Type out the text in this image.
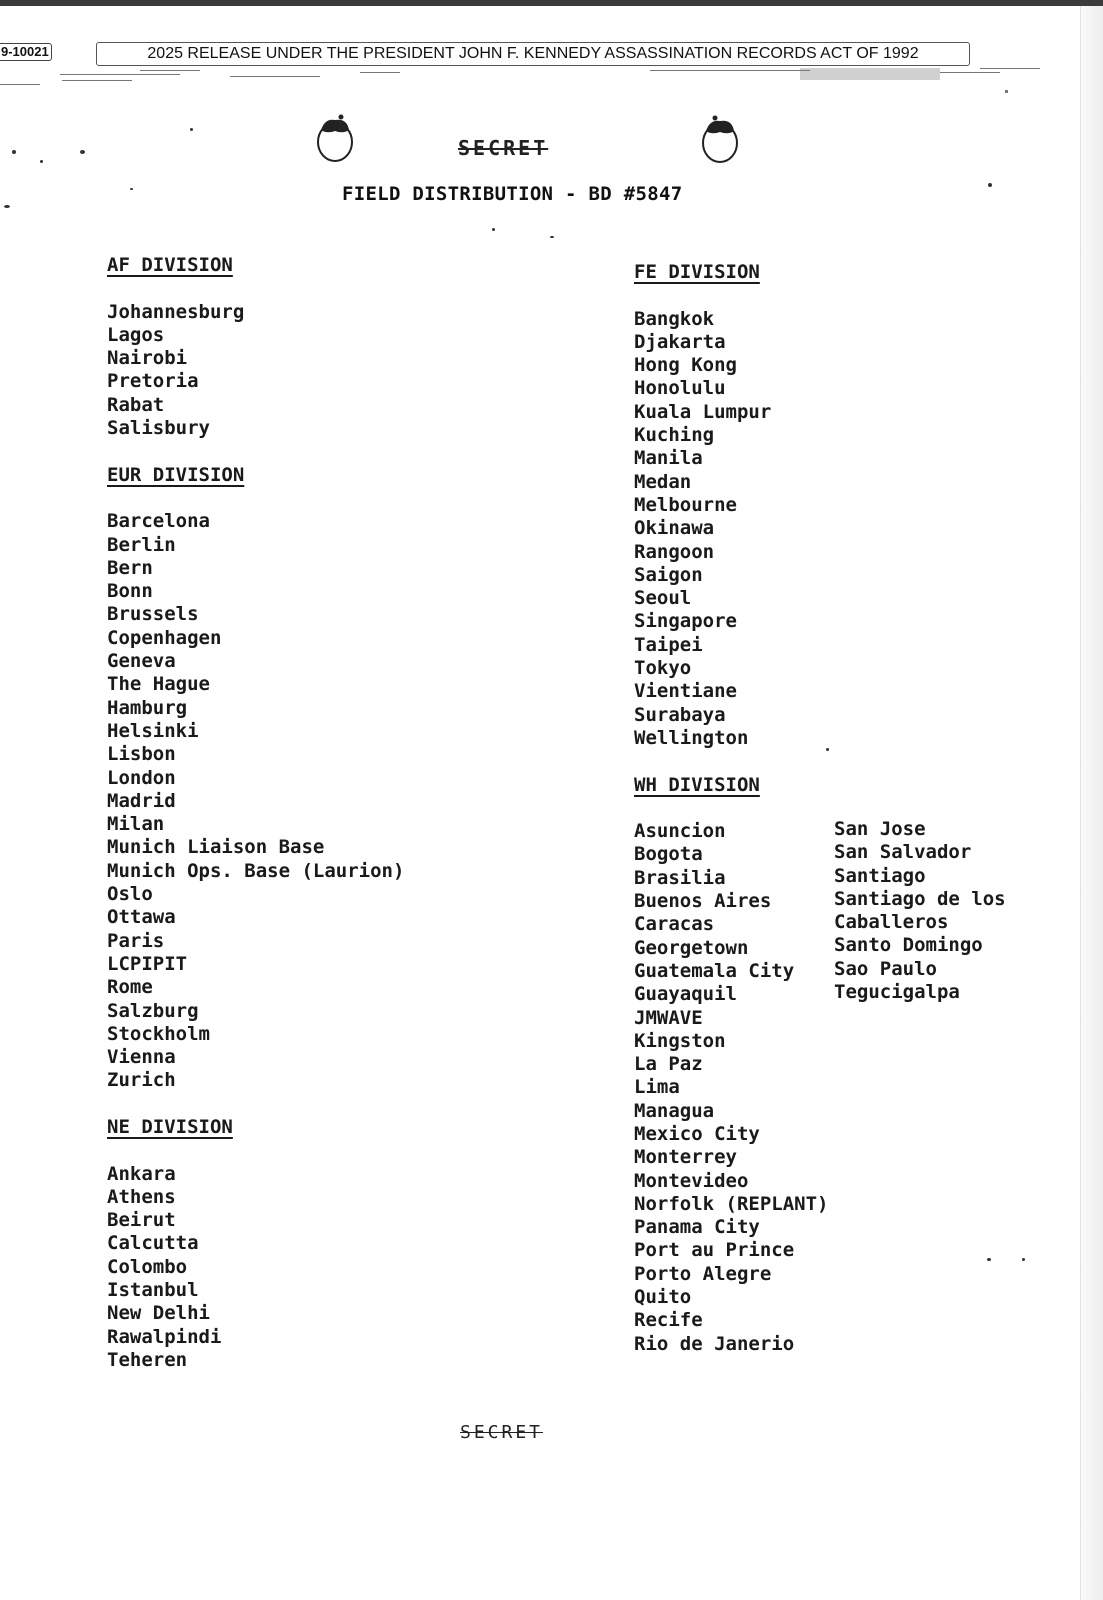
9-10021	2025 RELEASE UNDER THE PRESIDENT JOHN F. KENNEDY ASSASSINATION RECORDS ACT OF 1992
SECRET
FIELD DISTRIBUTION - BD #5847
AF DIVISION
Johannesburg
Lagos
Nairobi
Pretoria
Rabat
Salisbury
EUR DIVISION
Barcelona
Berlin
Bern
Bonn
Brussels
Copenhagen
Geneva
The Hague
Hamburg
Helsinki
Lisbon
London
Madrid
Milan
Munich Liaison Base
Munich Ops. Base (Laurion)
Oslo
Ottawa
Paris
LCPIPIT
Rome
Salzburg
Stockholm
Vienna
Zurich
NE DIVISION
Ankara
Athens
Beirut
Calcutta
Colombo
Istanbul
New Delhi
Rawalpindi
Teheren
FE DIVISION
Bangkok
Djakarta
Hong Kong
Honolulu
Kuala Lumpur
Kuching
Manila
Medan
Melbourne
Okinawa
Rangoon
Saigon
Seoul
Singapore
Taipei
Tokyo
Vientiane
Surabaya
Wellington
WH DIVISION
Asuncion
Bogota
Brasilia
Buenos Aires
Caracas
Georgetown
Guatemala City
Guayaquil
JMWAVE
Kingston
La Paz
Lima
Managua
Mexico City
Monterrey
Montevideo
Norfolk (REPLANT)
Panama City
Port au Prince
Porto Alegre
Quito
Recife
Rio de Janerio
San Jose
San Salvador
Santiago
Santiago de los
Caballeros
Santo Domingo
Sao Paulo
Tegucigalpa
SECRET
